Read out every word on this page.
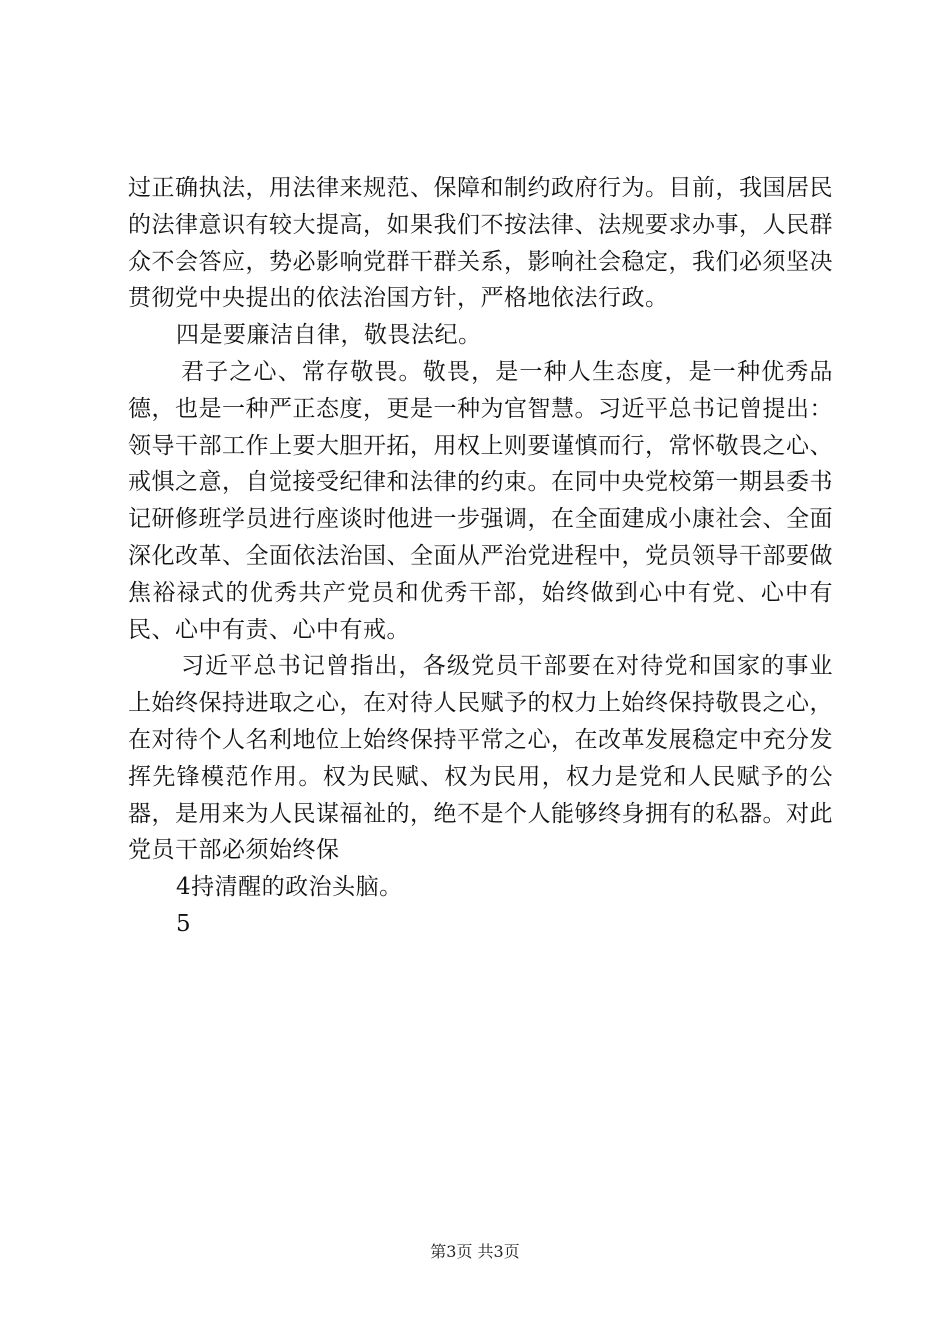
过正确执法，用法律来规范、保障和制约政府行为。目前，我国居民的法律意识有较大提高，如果我们不按法律、法规要求办事，人民群众不会答应，势必影响党群干群关系，影响社会稳定，我们必须坚决贯彻党中央提出的依法治国方针，严格地依法行政。

四是要廉洁自律，敬畏法纪。

君子之心、常存敬畏。敬畏，是一种人生态度，是一种优秀品德，也是一种严正态度，更是一种为官智慧。习近平总书记曾提出：领导干部工作上要大胆开拓，用权上则要谨慎而行，常怀敬畏之心、戒惧之意，自觉接受纪律和法律的约束。在同中央党校第一期县委书记研修班学员进行座谈时他进一步强调，在全面建成小康社会、全面深化改革、全面依法治国、全面从严治党进程中，党员领导干部要做焦裕禄式的优秀共产党员和优秀干部，始终做到心中有党、心中有民、心中有责、心中有戒。

习近平总书记曾指出，各级党员干部要在对待党和国家的事业上始终保持进取之心，在对待人民赋予的权力上始终保持敬畏之心，在对待个人名利地位上始终保持平常之心，在改革发展稳定中充分发挥先锋模范作用。权为民赋、权为民用，权力是党和人民赋予的公器，是用来为人民谋福祉的，绝不是个人能够终身拥有的私器。对此党员干部必须始终保

4持清醒的政治头脑。

5

第3页 共3页
